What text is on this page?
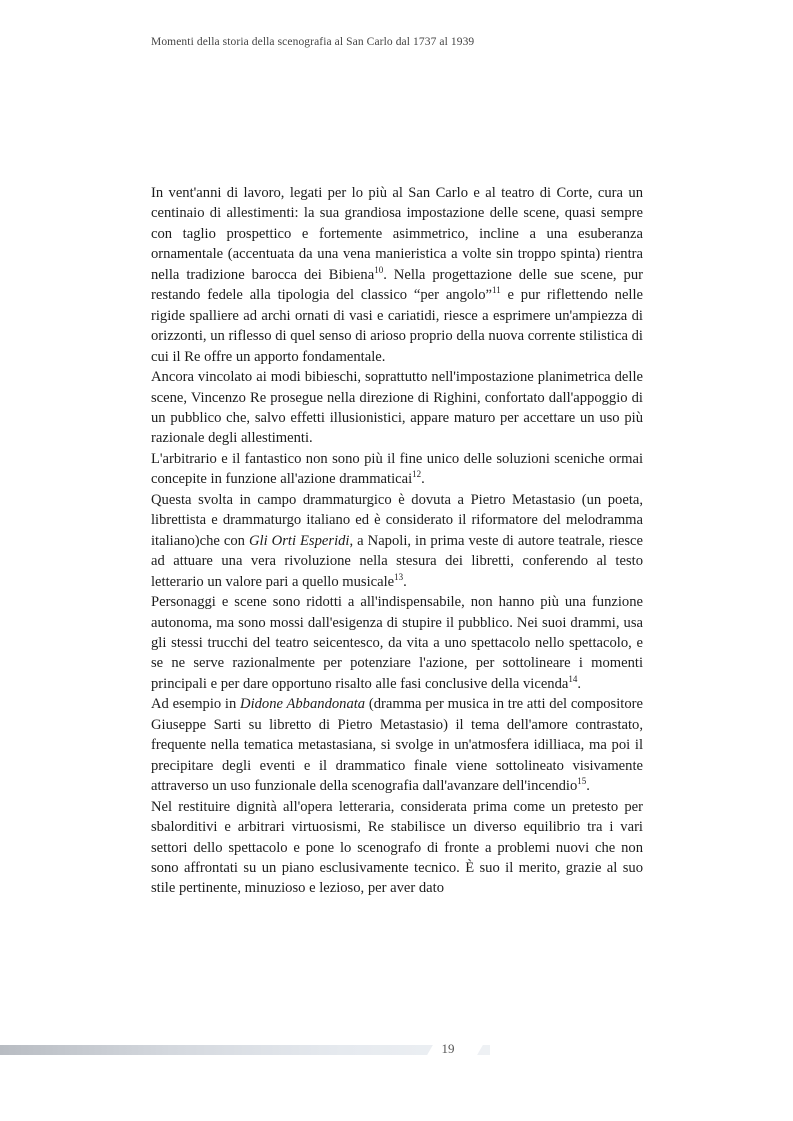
Momenti della storia della scenografia al San Carlo dal 1737 al 1939

In vent'anni di lavoro, legati per lo più al San Carlo e al teatro di Corte, cura un centinaio di allestimenti: la sua grandiosa impostazione delle scene, quasi sempre con taglio prospettico e fortemente asimmetrico, incline a una esuberanza ornamentale (accentuata da una vena manieristica a volte sin troppo spinta) rientra nella tradizione barocca dei Bibiena$^{10}$. Nella progettazione delle sue scene, pur restando fedele alla tipologia del classico “per angolo”$^{11}$ e pur riflettendo nelle rigide spalliere ad archi ornati di vasi e cariatidi, riesce a esprimere un'ampiezza di orizzonti, un riflesso di quel senso di arioso proprio della nuova corrente stilistica di cui il Re offre un apporto fondamentale.

Ancora vincolato ai modi bibieschi, soprattutto nell'impostazione planimetrica delle scene, Vincenzo Re prosegue nella direzione di Righini, confortato dall'appoggio di un pubblico che, salvo effetti illusionistici, appare maturo per accettare un uso più razionale degli allestimenti.

L'arbitrario e il fantastico non sono più il fine unico delle soluzioni sceniche ormai concepite in funzione all'azione drammaticai$^{12}$.

Questa svolta in campo drammaturgico è dovuta a Pietro Metastasio (un poeta, librettista e drammaturgo italiano ed è considerato il riformatore del melodramma italiano)che con Gli Orti Esperidi, a Napoli, in prima veste di autore teatrale, riesce ad attuare una vera rivoluzione nella stesura dei libretti, conferendo al testo letterario un valore pari a quello musicale$^{13}$.

Personaggi e scene sono ridotti a all'indispensabile, non hanno più una funzione autonoma, ma sono mossi dall'esigenza di stupire il pubblico. Nei suoi drammi, usa gli stessi trucchi del teatro seicentesco, da vita a uno spettacolo nello spettacolo, e se ne serve razionalmente per potenziare l'azione, per sottolineare i momenti principali e per dare opportuno risalto alle fasi conclusive della vicenda$^{14}$.

Ad esempio in Didone Abbandonata (dramma per musica in tre atti del compositore Giuseppe Sarti su libretto di Pietro Metastasio) il tema dell'amore contrastato, frequente nella tematica metastasiana, si svolge in un'atmosfera idilliaca, ma poi il precipitare degli eventi e il drammatico finale viene sottolineato visivamente attraverso un uso funzionale della scenografia dall'avanzare dell'incendio$^{15}$.

Nel restituire dignità all'opera letteraria, considerata prima come un pretesto per sbalorditivi e arbitrari virtuosismi, Re stabilisce un diverso equilibrio tra i vari settori dello spettacolo e pone lo scenografo di fronte a problemi nuovi che non sono affrontati su un piano esclusivamente tecnico. È suo il merito, grazie al suo stile pertinente, minuzioso e lezioso, per aver dato

19
